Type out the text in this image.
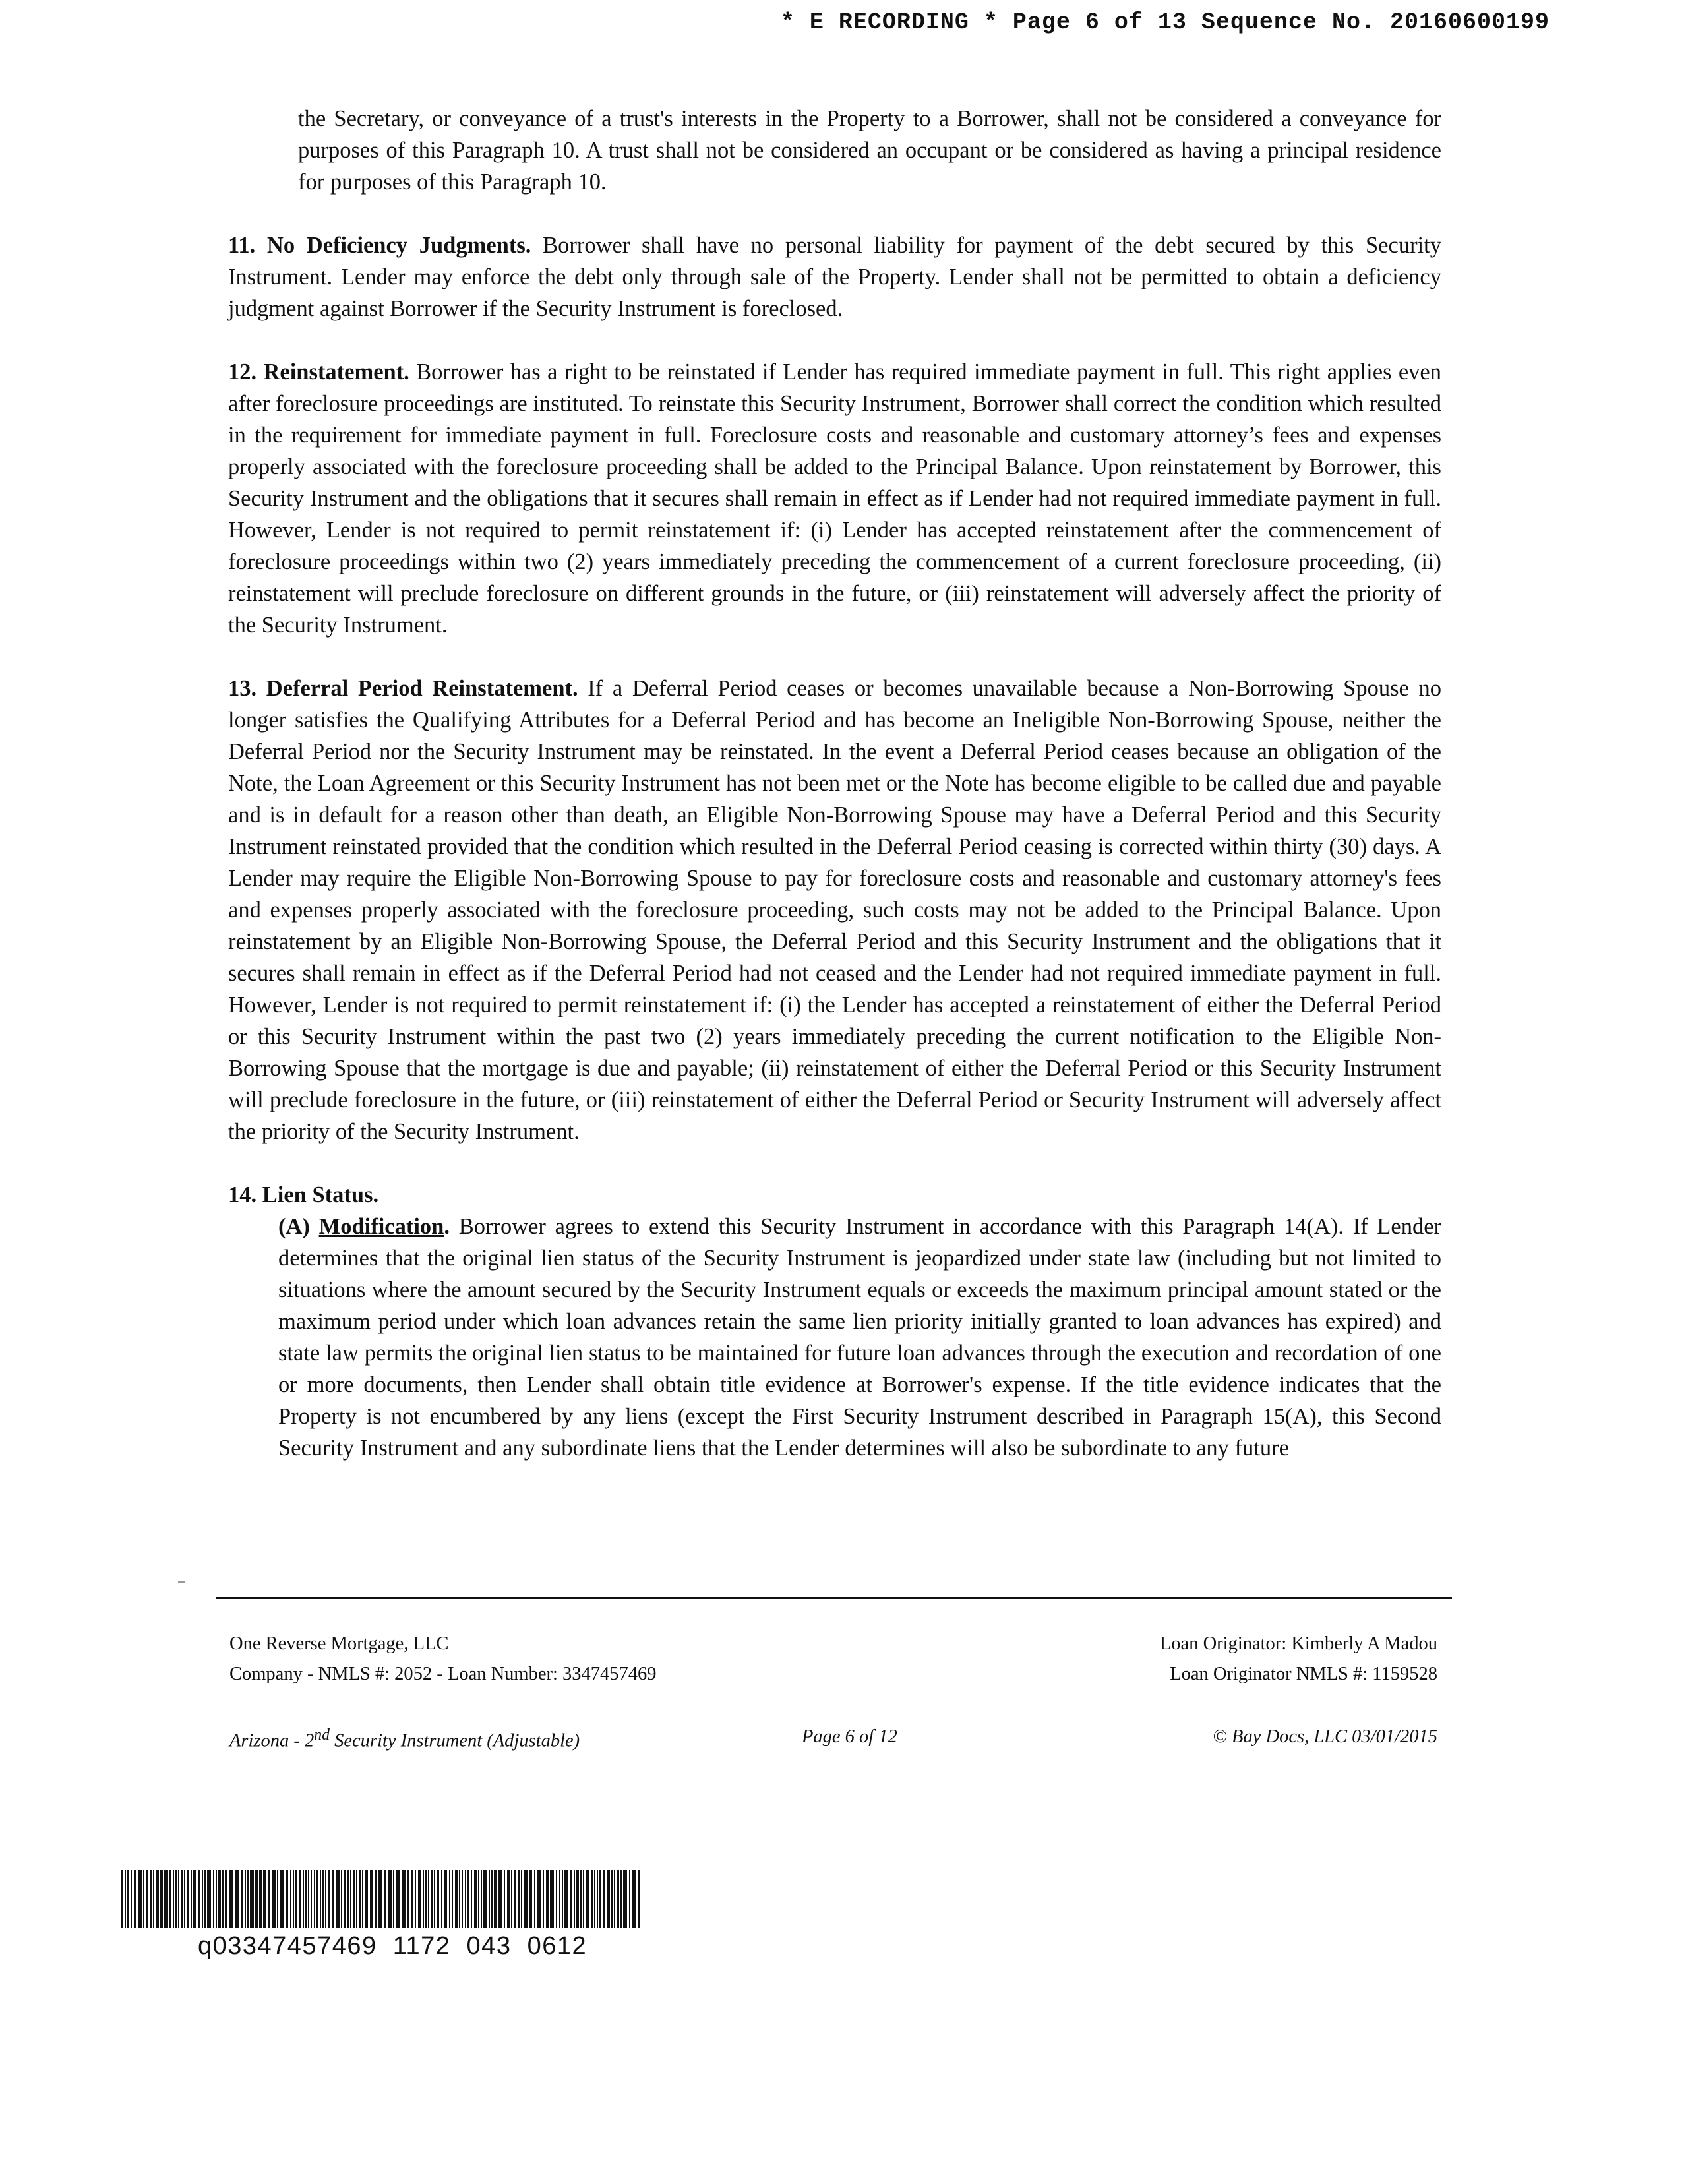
* E RECORDING * Page 6 of 13 Sequence No. 20160600199

the Secretary, or conveyance of a trust's interests in the Property to a Borrower, shall not be considered a conveyance for purposes of this Paragraph 10. A trust shall not be considered an occupant or be considered as having a principal residence for purposes of this Paragraph 10.

11. No Deficiency Judgments. Borrower shall have no personal liability for payment of the debt secured by this Security Instrument. Lender may enforce the debt only through sale of the Property. Lender shall not be permitted to obtain a deficiency judgment against Borrower if the Security Instrument is foreclosed.

12. Reinstatement. Borrower has a right to be reinstated if Lender has required immediate payment in full. This right applies even after foreclosure proceedings are instituted. To reinstate this Security Instrument, Borrower shall correct the condition which resulted in the requirement for immediate payment in full. Foreclosure costs and reasonable and customary attorney’s fees and expenses properly associated with the foreclosure proceeding shall be added to the Principal Balance. Upon reinstatement by Borrower, this Security Instrument and the obligations that it secures shall remain in effect as if Lender had not required immediate payment in full. However, Lender is not required to permit reinstatement if: (i) Lender has accepted reinstatement after the commencement of foreclosure proceedings within two (2) years immediately preceding the commencement of a current foreclosure proceeding, (ii) reinstatement will preclude foreclosure on different grounds in the future, or (iii) reinstatement will adversely affect the priority of the Security Instrument.

13. Deferral Period Reinstatement. If a Deferral Period ceases or becomes unavailable because a Non-Borrowing Spouse no longer satisfies the Qualifying Attributes for a Deferral Period and has become an Ineligible Non-Borrowing Spouse, neither the Deferral Period nor the Security Instrument may be reinstated. In the event a Deferral Period ceases because an obligation of the Note, the Loan Agreement or this Security Instrument has not been met or the Note has become eligible to be called due and payable and is in default for a reason other than death, an Eligible Non-Borrowing Spouse may have a Deferral Period and this Security Instrument reinstated provided that the condition which resulted in the Deferral Period ceasing is corrected within thirty (30) days. A Lender may require the Eligible Non-Borrowing Spouse to pay for foreclosure costs and reasonable and customary attorney's fees and expenses properly associated with the foreclosure proceeding, such costs may not be added to the Principal Balance. Upon reinstatement by an Eligible Non-Borrowing Spouse, the Deferral Period and this Security Instrument and the obligations that it secures shall remain in effect as if the Deferral Period had not ceased and the Lender had not required immediate payment in full. However, Lender is not required to permit reinstatement if: (i) the Lender has accepted a reinstatement of either the Deferral Period or this Security Instrument within the past two (2) years immediately preceding the current notification to the Eligible Non-Borrowing Spouse that the mortgage is due and payable; (ii) reinstatement of either the Deferral Period or this Security Instrument will preclude foreclosure in the future, or (iii) reinstatement of either the Deferral Period or Security Instrument will adversely affect the priority of the Security Instrument.

14. Lien Status.

(A) Modification. Borrower agrees to extend this Security Instrument in accordance with this Paragraph 14(A). If Lender determines that the original lien status of the Security Instrument is jeopardized under state law (including but not limited to situations where the amount secured by the Security Instrument equals or exceeds the maximum principal amount stated or the maximum period under which loan advances retain the same lien priority initially granted to loan advances has expired) and state law permits the original lien status to be maintained for future loan advances through the execution and recordation of one or more documents, then Lender shall obtain title evidence at Borrower's expense. If the title evidence indicates that the Property is not encumbered by any liens (except the First Security Instrument described in Paragraph 15(A), this Second Security Instrument and any subordinate liens that the Lender determines will also be subordinate to any future

One Reverse Mortgage, LLC
Company - NMLS #: 2052 - Loan Number: 3347457469
Loan Originator: Kimberly A Madou
Loan Originator NMLS #: 1159528
Arizona - 2nd Security Instrument (Adjustable)	Page 6 of 12	© Bay Docs, LLC 03/01/2015
q03347457469  1172  043  0612
